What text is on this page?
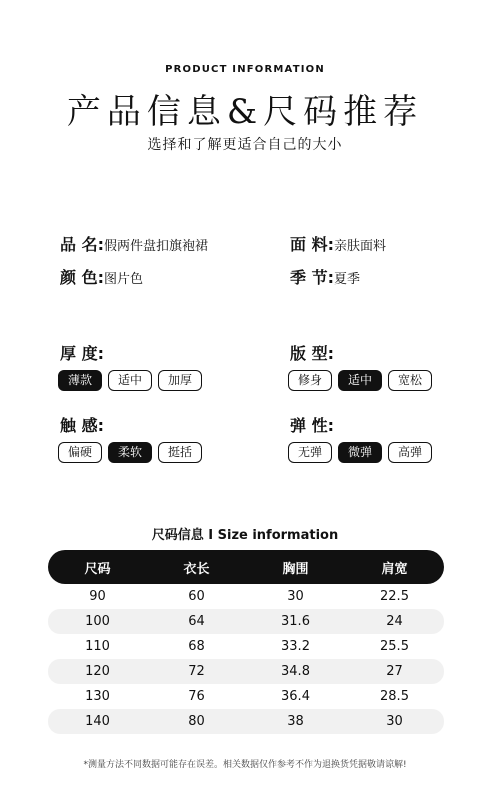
PRODUCT INFORMATION
产品信息&尺码推荐
选择和了解更适合自己的大小
品 名: 假两件盘扣旗袍裙	面 料: 亲肤面料
颜 色: 图片色	季 节: 夏季
厚 度:
薄款	适中	加厚
版 型:
修身	适中	宽松
触 感:
偏硬	柔软	挺括
弹 性:
无弹	微弹	高弹
尺码信息 I Size information
尺码	衣长	胸围	肩宽
90	60	30	22.5
100	64	31.6	24
110	68	33.2	25.5
120	72	34.8	27
130	76	36.4	28.5
140	80	38	30
*测量方法不同数据可能存在误差。相关数据仅作参考不作为退换货凭据敬请谅解!
